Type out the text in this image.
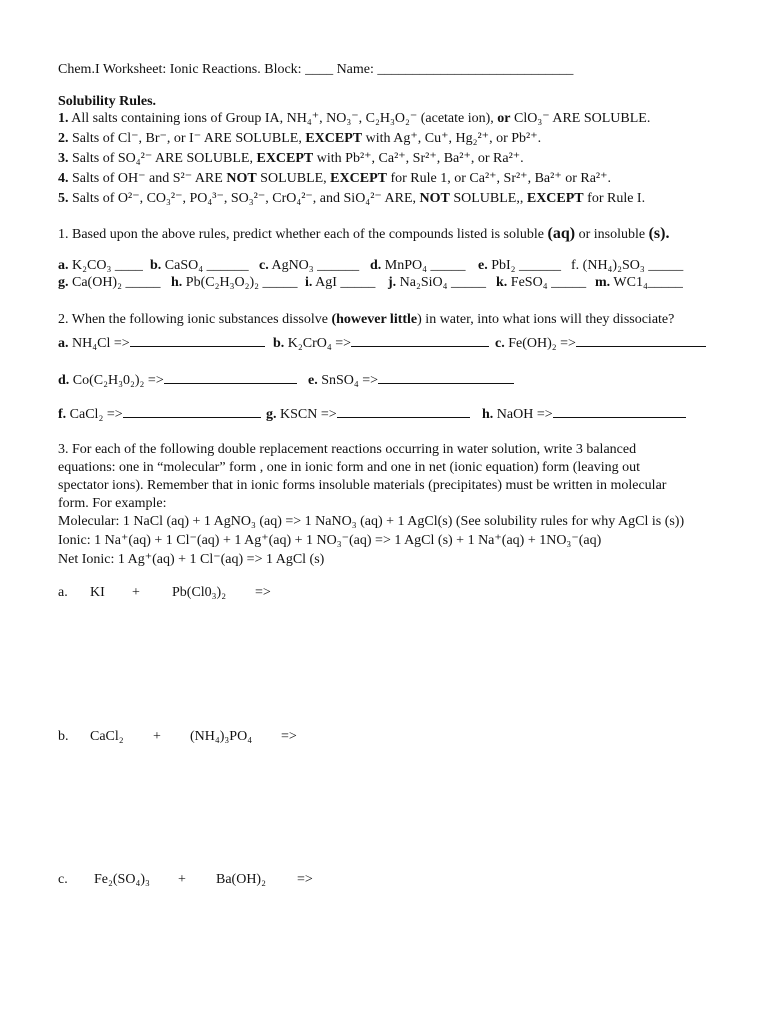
Chem.I Worksheet: Ionic Reactions. Block: ____ Name: ____________________________
Solubility Rules.
1. All salts containing ions of Group IA, NH₄⁺, NO₃⁻, C₂H₃O₂⁻ (acetate ion), or ClO₃⁻ ARE SOLUBLE.
2. Salts of Cl⁻, Br⁻, or I⁻ ARE SOLUBLE, EXCEPT with Ag⁺, Cu⁺, Hg₂²⁺, or Pb²⁺.
3. Salts of SO₄²⁻ ARE SOLUBLE, EXCEPT with Pb²⁺, Ca²⁺, Sr²⁺, Ba²⁺, or Ra²⁺.
4. Salts of OH⁻ and S²⁻ ARE NOT SOLUBLE, EXCEPT for Rule 1, or Ca²⁺, Sr²⁺, Ba²⁺ or Ra²⁺.
5. Salts of O²⁻, CO₃²⁻, PO₄³⁻, SO₃²⁻, CrO₄²⁻, and SiO₄²⁻ ARE, NOT SOLUBLE,, EXCEPT for Rule I.
1. Based upon the above rules, predict whether each of the compounds listed is soluble (aq) or insoluble (s).
a. K₂CO₃ ____ b. CaSO₄ ______ c. AgNO₃ ______ d. MnPO₄ _____ e. PbI₂ ______ f. (NH₄)₂SO₃ _____
g. Ca(OH)₂ _____ h. Pb(C₂H₃O₂)₂ _____ i. AgI _____ j. Na₂SiO₄ _____ k. FeSO₄ _____ m. WC1₄_____
2. When the following ionic substances dissolve (however little) in water, into what ions will they dissociate?
a. NH₄Cl =>	b. K₂CrO₄ =>	c. Fe(OH)₂ =>
d. Co(C₂H₃0₂)₂ =>	e. SnSO₄ =>
f. CaCl₂ =>	g. KSCN =>	h. NaOH =>
3. For each of the following double replacement reactions occurring in water solution, write 3 balanced
equations: one in “molecular” form , one in ionic form and one in net (ionic equation) form (leaving out
spectator ions). Remember that in ionic forms insoluble materials (precipitates) must be written in molecular
form. For example:
Molecular: 1 NaCl (aq) + 1 AgNO₃ (aq) => 1 NaNO₃ (aq) + 1 AgCl(s) (See solubility rules for why AgCl is (s))
Ionic: 1 Na⁺(aq) + 1 Cl⁻(aq) + 1 Ag⁺(aq) + 1 NO₃⁻(aq) => 1 AgCl (s) + 1 Na⁺(aq) + 1NO₃⁻(aq)
Net Ionic: 1 Ag⁺(aq) + 1 Cl⁻(aq) => 1 AgCl (s)
a. KI + Pb(Cl0₃)₂ =>
b. CaCl₂ + (NH₄)₃PO₄ =>
c. Fe₂(SO₄)₃ + Ba(OH)₂ =>
